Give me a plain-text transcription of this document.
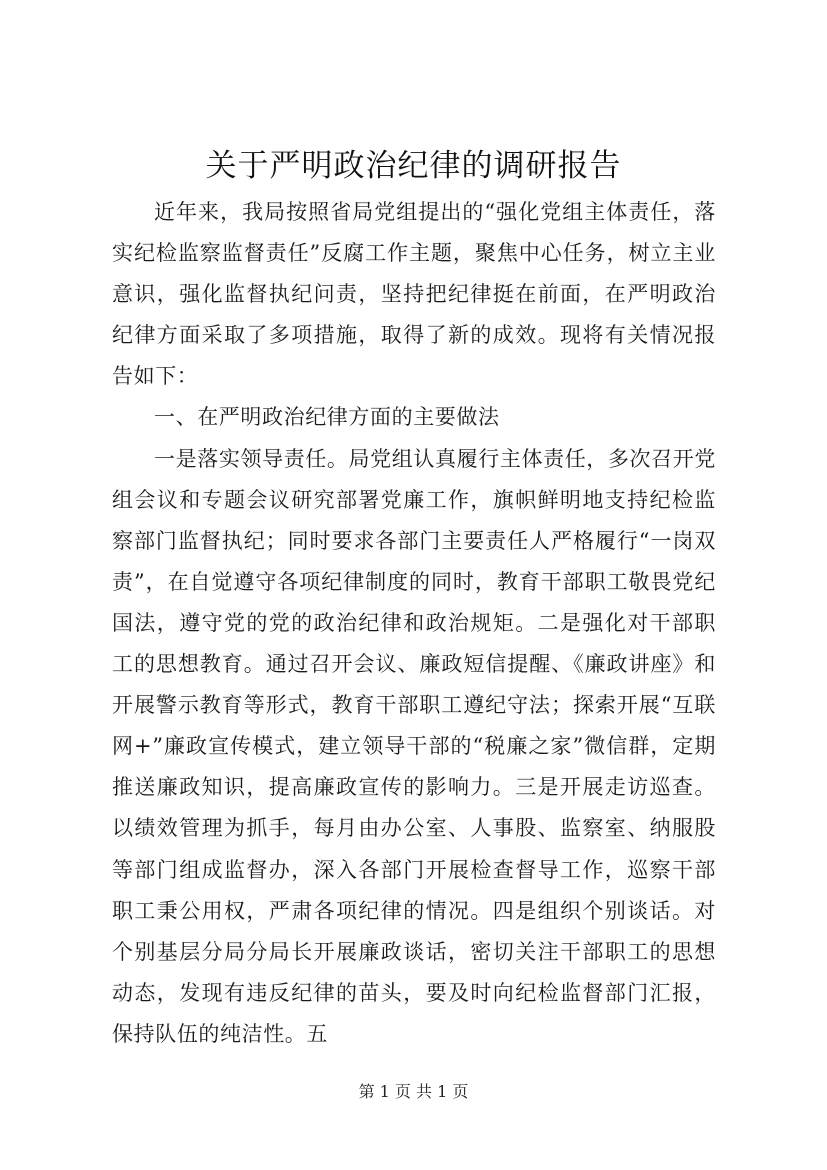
关于严明政治纪律的调研报告

近年来，我局按照省局党组提出的“强化党组主体责任，落实纪检监察监督责任”反腐工作主题，聚焦中心任务，树立主业意识，强化监督执纪问责，坚持把纪律挺在前面，在严明政治纪律方面采取了多项措施，取得了新的成效。现将有关情况报告如下：

一、在严明政治纪律方面的主要做法

一是落实领导责任。局党组认真履行主体责任，多次召开党组会议和专题会议研究部署党廉工作，旗帜鲜明地支持纪检监察部门监督执纪；同时要求各部门主要责任人严格履行“一岗双责”，在自觉遵守各项纪律制度的同时，教育干部职工敬畏党纪国法，遵守党的党的政治纪律和政治规矩。二是强化对干部职工的思想教育。通过召开会议、廉政短信提醒、《廉政讲座》和开展警示教育等形式，教育干部职工遵纪守法；探索开展“互联网+”廉政宣传模式，建立领导干部的“税廉之家”微信群，定期推送廉政知识，提高廉政宣传的影响力。三是开展走访巡查。以绩效管理为抓手，每月由办公室、人事股、监察室、纳服股等部门组成监督办，深入各部门开展检查督导工作，巡察干部职工秉公用权，严肃各项纪律的情况。四是组织个别谈话。对个别基层分局分局长开展廉政谈话，密切关注干部职工的思想动态，发现有违反纪律的苗头，要及时向纪检监督部门汇报，保持队伍的纯洁性。五

第 1 页 共 1 页
